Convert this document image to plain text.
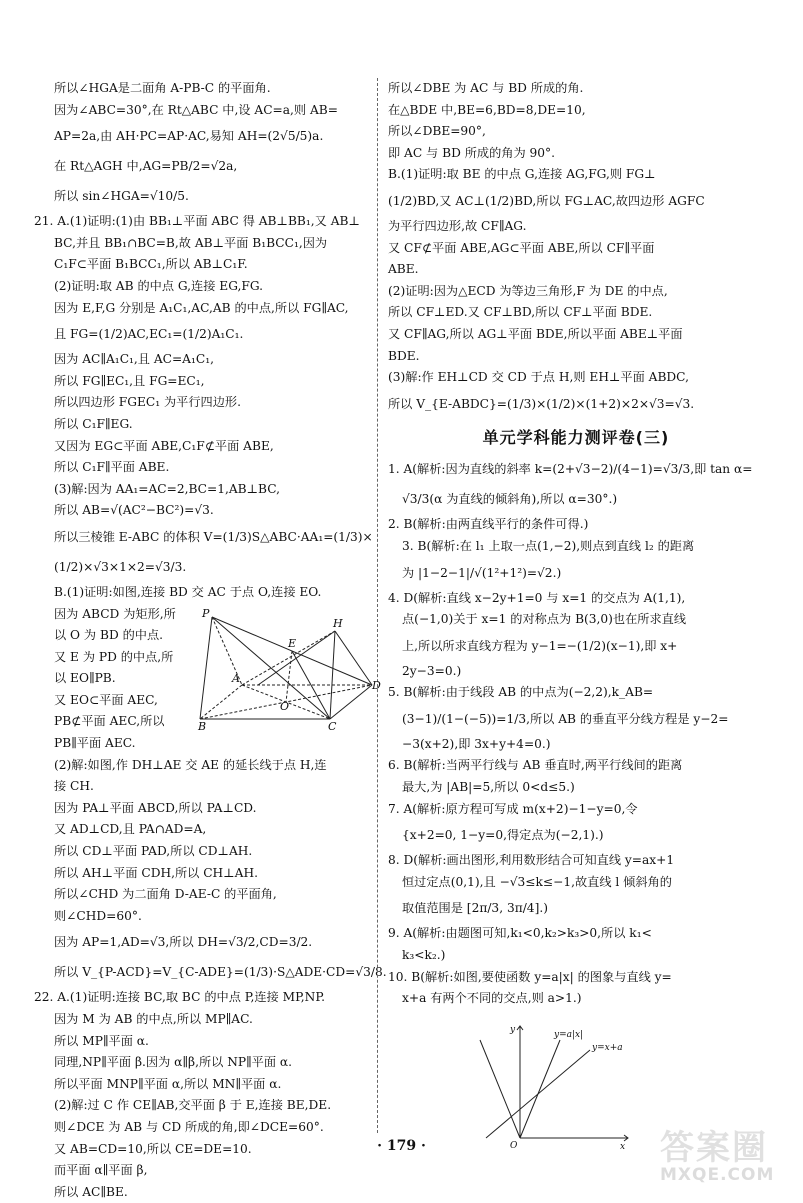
所以∠HGA是二面角 A-PB-C 的平面角.
因为∠ABC=30°,在 Rt△ABC 中,设 AC=a,则 AB=
AP=2a,由 AH·PC=AP·AC,易知 AH=(2√5/5)a.
在 Rt△AGH 中,AG=PB/2=√2a,
所以 sin∠HGA=√10/5.
21. A.(1)证明:(1)由 BB₁⊥平面 ABC 得 AB⊥BB₁,又 AB⊥
BC,并且 BB₁∩BC=B,故 AB⊥平面 B₁BCC₁,因为
C₁F⊂平面 B₁BCC₁,所以 AB⊥C₁F.
(2)证明:取 AB 的中点 G,连接 EG,FG.
因为 E,F,G 分别是 A₁C₁,AC,AB 的中点,所以 FG∥AC,
且 FG=(1/2)AC,EC₁=(1/2)A₁C₁.
因为 AC∥A₁C₁,且 AC=A₁C₁,
所以 FG∥EC₁,且 FG=EC₁,
所以四边形 FGEC₁ 为平行四边形.
所以 C₁F∥EG.
又因为 EG⊂平面 ABE,C₁F⊄平面 ABE,
所以 C₁F∥平面 ABE.
(3)解:因为 AA₁=AC=2,BC=1,AB⊥BC,
所以 AB=√(AC²−BC²)=√3.
所以三棱锥 E-ABC 的体积 V=(1/3)S△ABC·AA₁=(1/3)×
(1/2)×√3×1×2=√3/3.
B.(1)证明:如图,连接 BD 交 AC 于点 O,连接 EO.
因为 ABCD 为矩形,所
以 O 为 BD 的中点.
又 E 为 PD 的中点,所
以 EO∥PB.
又 EO⊂平面 AEC,
PB⊄平面 AEC,所以
PB∥平面 AEC.
(2)解:如图,作 DH⊥AE 交 AE 的延长线于点 H,连
接 CH.
因为 PA⊥平面 ABCD,所以 PA⊥CD.
又 AD⊥CD,且 PA∩AD=A,
所以 CD⊥平面 PAD,所以 CD⊥AH.
所以 AH⊥平面 CDH,所以 CH⊥AH.
所以∠CHD 为二面角 D-AE-C 的平面角,
则∠CHD=60°.
因为 AP=1,AD=√3,所以 DH=√3/2,CD=3/2.
所以 V_{P-ACD}=V_{C-ADE}=(1/3)·S△ADE·CD=√3/8.
22. A.(1)证明:连接 BC,取 BC 的中点 P,连接 MP,NP.
因为 M 为 AB 的中点,所以 MP∥AC.
所以 MP∥平面 α.
同理,NP∥平面 β.因为 α∥β,所以 NP∥平面 α.
所以平面 MNP∥平面 α,所以 MN∥平面 α.
(2)解:过 C 作 CE∥AB,交平面 β 于 E,连接 BE,DE.
则∠DCE 为 AB 与 CD 所成的角,即∠DCE=60°.
又 AB=CD=10,所以 CE=DE=10.
而平面 α∥平面 β,
所以 AC∥BE.
所以∠DBE 为 AC 与 BD 所成的角.
在△BDE 中,BE=6,BD=8,DE=10,
所以∠DBE=90°,
即 AC 与 BD 所成的角为 90°.
B.(1)证明:取 BE 的中点 G,连接 AG,FG,则 FG⊥
(1/2)BD,又 AC⊥(1/2)BD,所以 FG⊥AC,故四边形 AGFC
为平行四边形,故 CF∥AG.
又 CF⊄平面 ABE,AG⊂平面 ABE,所以 CF∥平面
ABE.
(2)证明:因为△ECD 为等边三角形,F 为 DE 的中点,
所以 CF⊥ED.又 CF⊥BD,所以 CF⊥平面 BDE.
又 CF∥AG,所以 AG⊥平面 BDE,所以平面 ABE⊥平面
BDE.
(3)解:作 EH⊥CD 交 CD 于点 H,则 EH⊥平面 ABDC,
所以 V_{E-ABDC}=(1/3)×(1/2)×(1+2)×2×√3=√3.
单元学科能力测评卷(三)
1. A(解析:因为直线的斜率 k=(2+√3−2)/(4−1)=√3/3,即 tan α=
√3/3(α 为直线的倾斜角),所以 α=30°.)
2. B(解析:由两直线平行的条件可得.)
3. B(解析:在 l₁ 上取一点(1,−2),则点到直线 l₂ 的距离
为 |1−2−1|/√(1²+1²)=√2.)
4. D(解析:直线 x−2y+1=0 与 x=1 的交点为 A(1,1),
点(−1,0)关于 x=1 的对称点为 B(3,0)也在所求直线
上,所以所求直线方程为 y−1=−(1/2)(x−1),即 x+
2y−3=0.)
5. B(解析:由于线段 AB 的中点为(−2,2),k_AB=
(3−1)/(1−(−5))=1/3,所以 AB 的垂直平分线方程是 y−2=
−3(x+2),即 3x+y+4=0.)
6. B(解析:当两平行线与 AB 垂直时,两平行线间的距离
最大,为 |AB|=5,所以 0<d≤5.)
7. A(解析:原方程可写成 m(x+2)−1−y=0,令
{x+2=0, 1−y=0,得定点为(−2,1).)
8. D(解析:画出图形,利用数形结合可知直线 y=ax+1
恒过定点(0,1),且 −√3≤k≤−1,故直线 l 倾斜角的
取值范围是 [2π/3, 3π/4].)
9. A(解析:由题图可知,k₁<0,k₂>k₃>0,所以 k₁<
k₃<k₂.)
10. B(解析:如图,要使函数 y=a|x| 的图象与直线 y=
x+a 有两个不同的交点,则 a>1.)
P
H
E
A
D
O
B	C
y
x
O
y=a|x|
y=x+a
· 179 ·	答案圈
MXQE.COM
